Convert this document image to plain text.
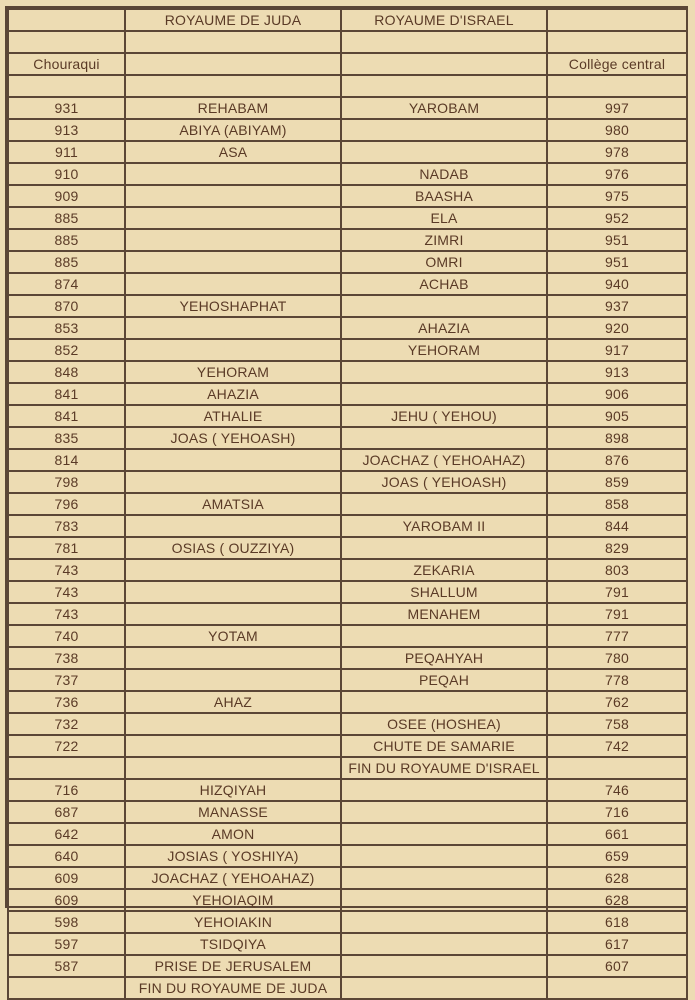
	ROYAUME DE JUDA	ROYAUME D'ISRAEL	

Chouraqui			Collège central

931	REHABAM	YAROBAM	997
913	ABIYA (ABIYAM)		980
911	ASA		978
910		NADAB	976
909		BAASHA	975
885		ELA	952
885		ZIMRI	951
885		OMRI	951
874		ACHAB	940
870	YEHOSHAPHAT		937
853		AHAZIA	920
852		YEHORAM	917
848	YEHORAM		913
841	AHAZIA		906
841	ATHALIE	JEHU ( YEHOU)	905
835	JOAS ( YEHOASH)		898
814		JOACHAZ ( YEHOAHAZ)	876
798		JOAS ( YEHOASH)	859
796	AMATSIA		858
783		YAROBAM II	844
781	OSIAS ( OUZZIYA)		829
743		ZEKARIA	803
743		SHALLUM	791
743		MENAHEM	791
740	YOTAM		777
738		PEQAHYAH	780
737		PEQAH	778
736	AHAZ		762
732		OSEE (HOSHEA)	758
722		CHUTE DE SAMARIE	742
		FIN DU ROYAUME D'ISRAEL	
716	HIZQIYAH		746
687	MANASSE		716
642	AMON		661
640	JOSIAS ( YOSHIYA)		659
609	JOACHAZ ( YEHOAHAZ)		628
609	YEHOIAQIM		628
598	YEHOIAKIN		618
597	TSIDQIYA		617
587	PRISE DE JERUSALEM		607
	FIN DU ROYAUME DE JUDA		
